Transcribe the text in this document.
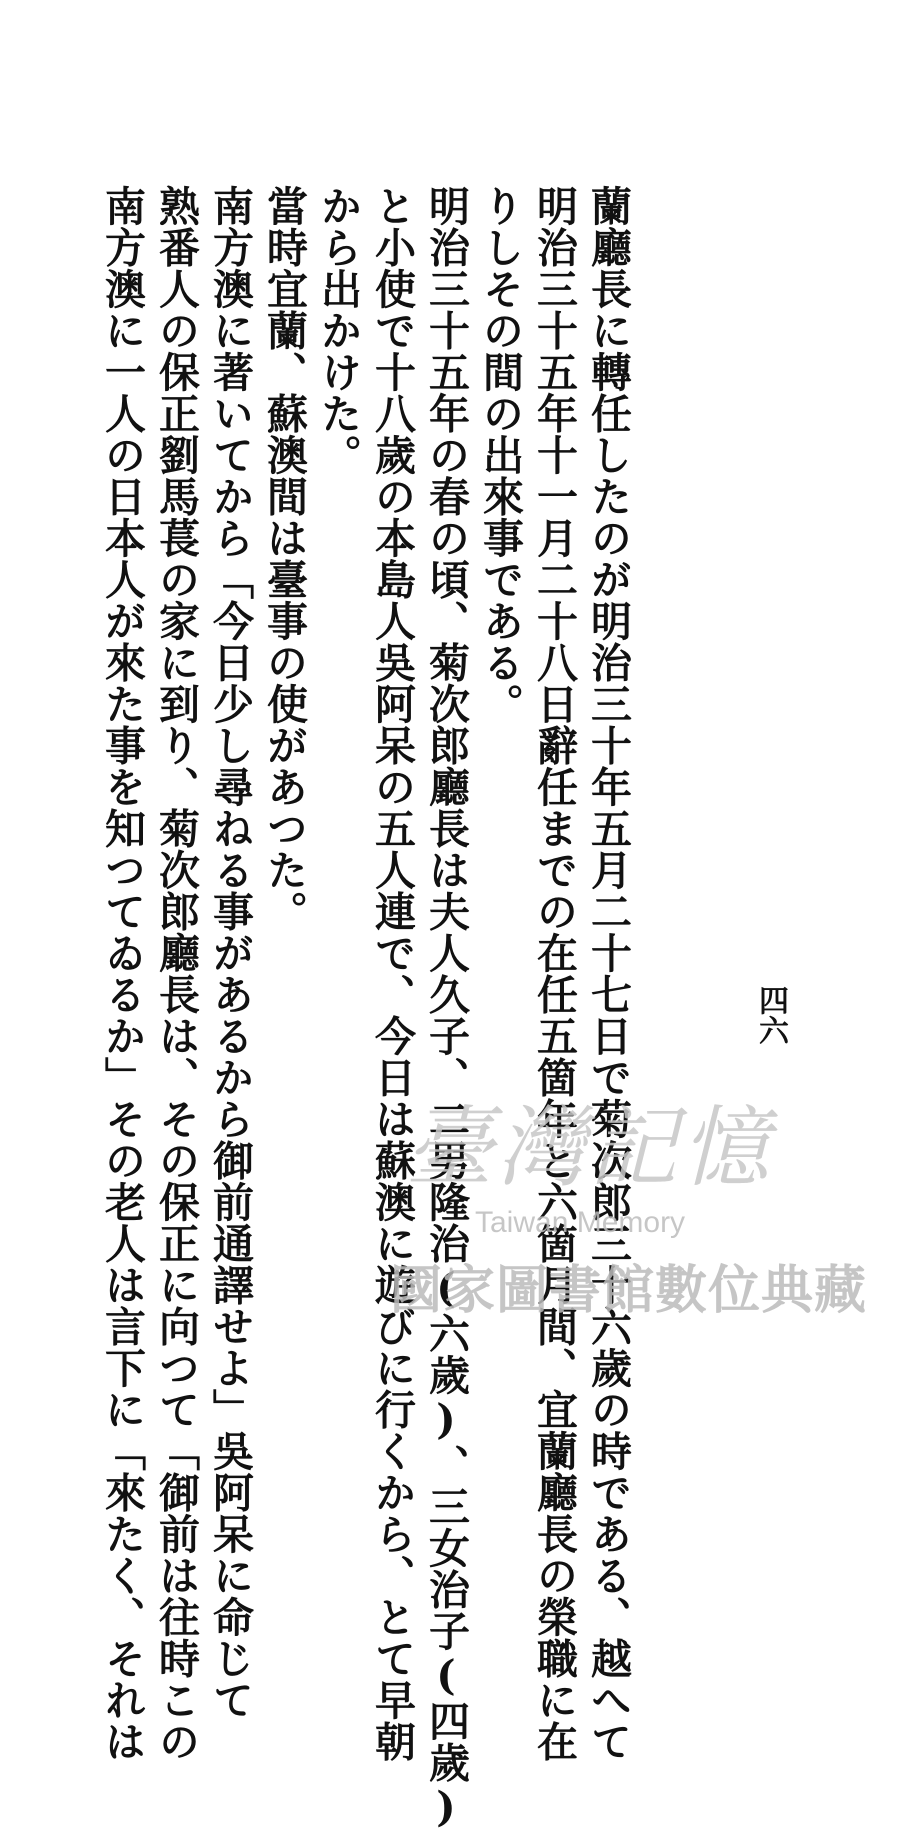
蘭廳長に轉任したのが明治三十年五月二十七日で菊次郎三十六歲の時である、越へて
明治三十五年十一月二十八日辭任までの在任五箇年と六箇月間、宜蘭廳長の榮職に在
りしその間の出來事である。
明治三十五年の春の頃、菊次郎廳長は夫人久子、二男隆治(六歲)、三女治子(四歲)
と小使で十八歲の本島人吳阿呆の五人連で、今日は蘇澳に遊びに行くから、とて早朝
から出かけた。
當時宜蘭、蘇澳間は臺事の使があつた。
南方澳に著いてから「今日少し尋ねる事があるから御前通譯せよ」吳阿呆に命じて
熟番人の保正劉馬萇の家に到り、菊次郎廳長は、その保正に向つて「御前は往時この
南方澳に一人の日本人が來た事を知つてゐるか」その老人は言下に「來たく、それは	四六
臺灣記憶
Taiwan Memory
國家圖書館數位典藏
